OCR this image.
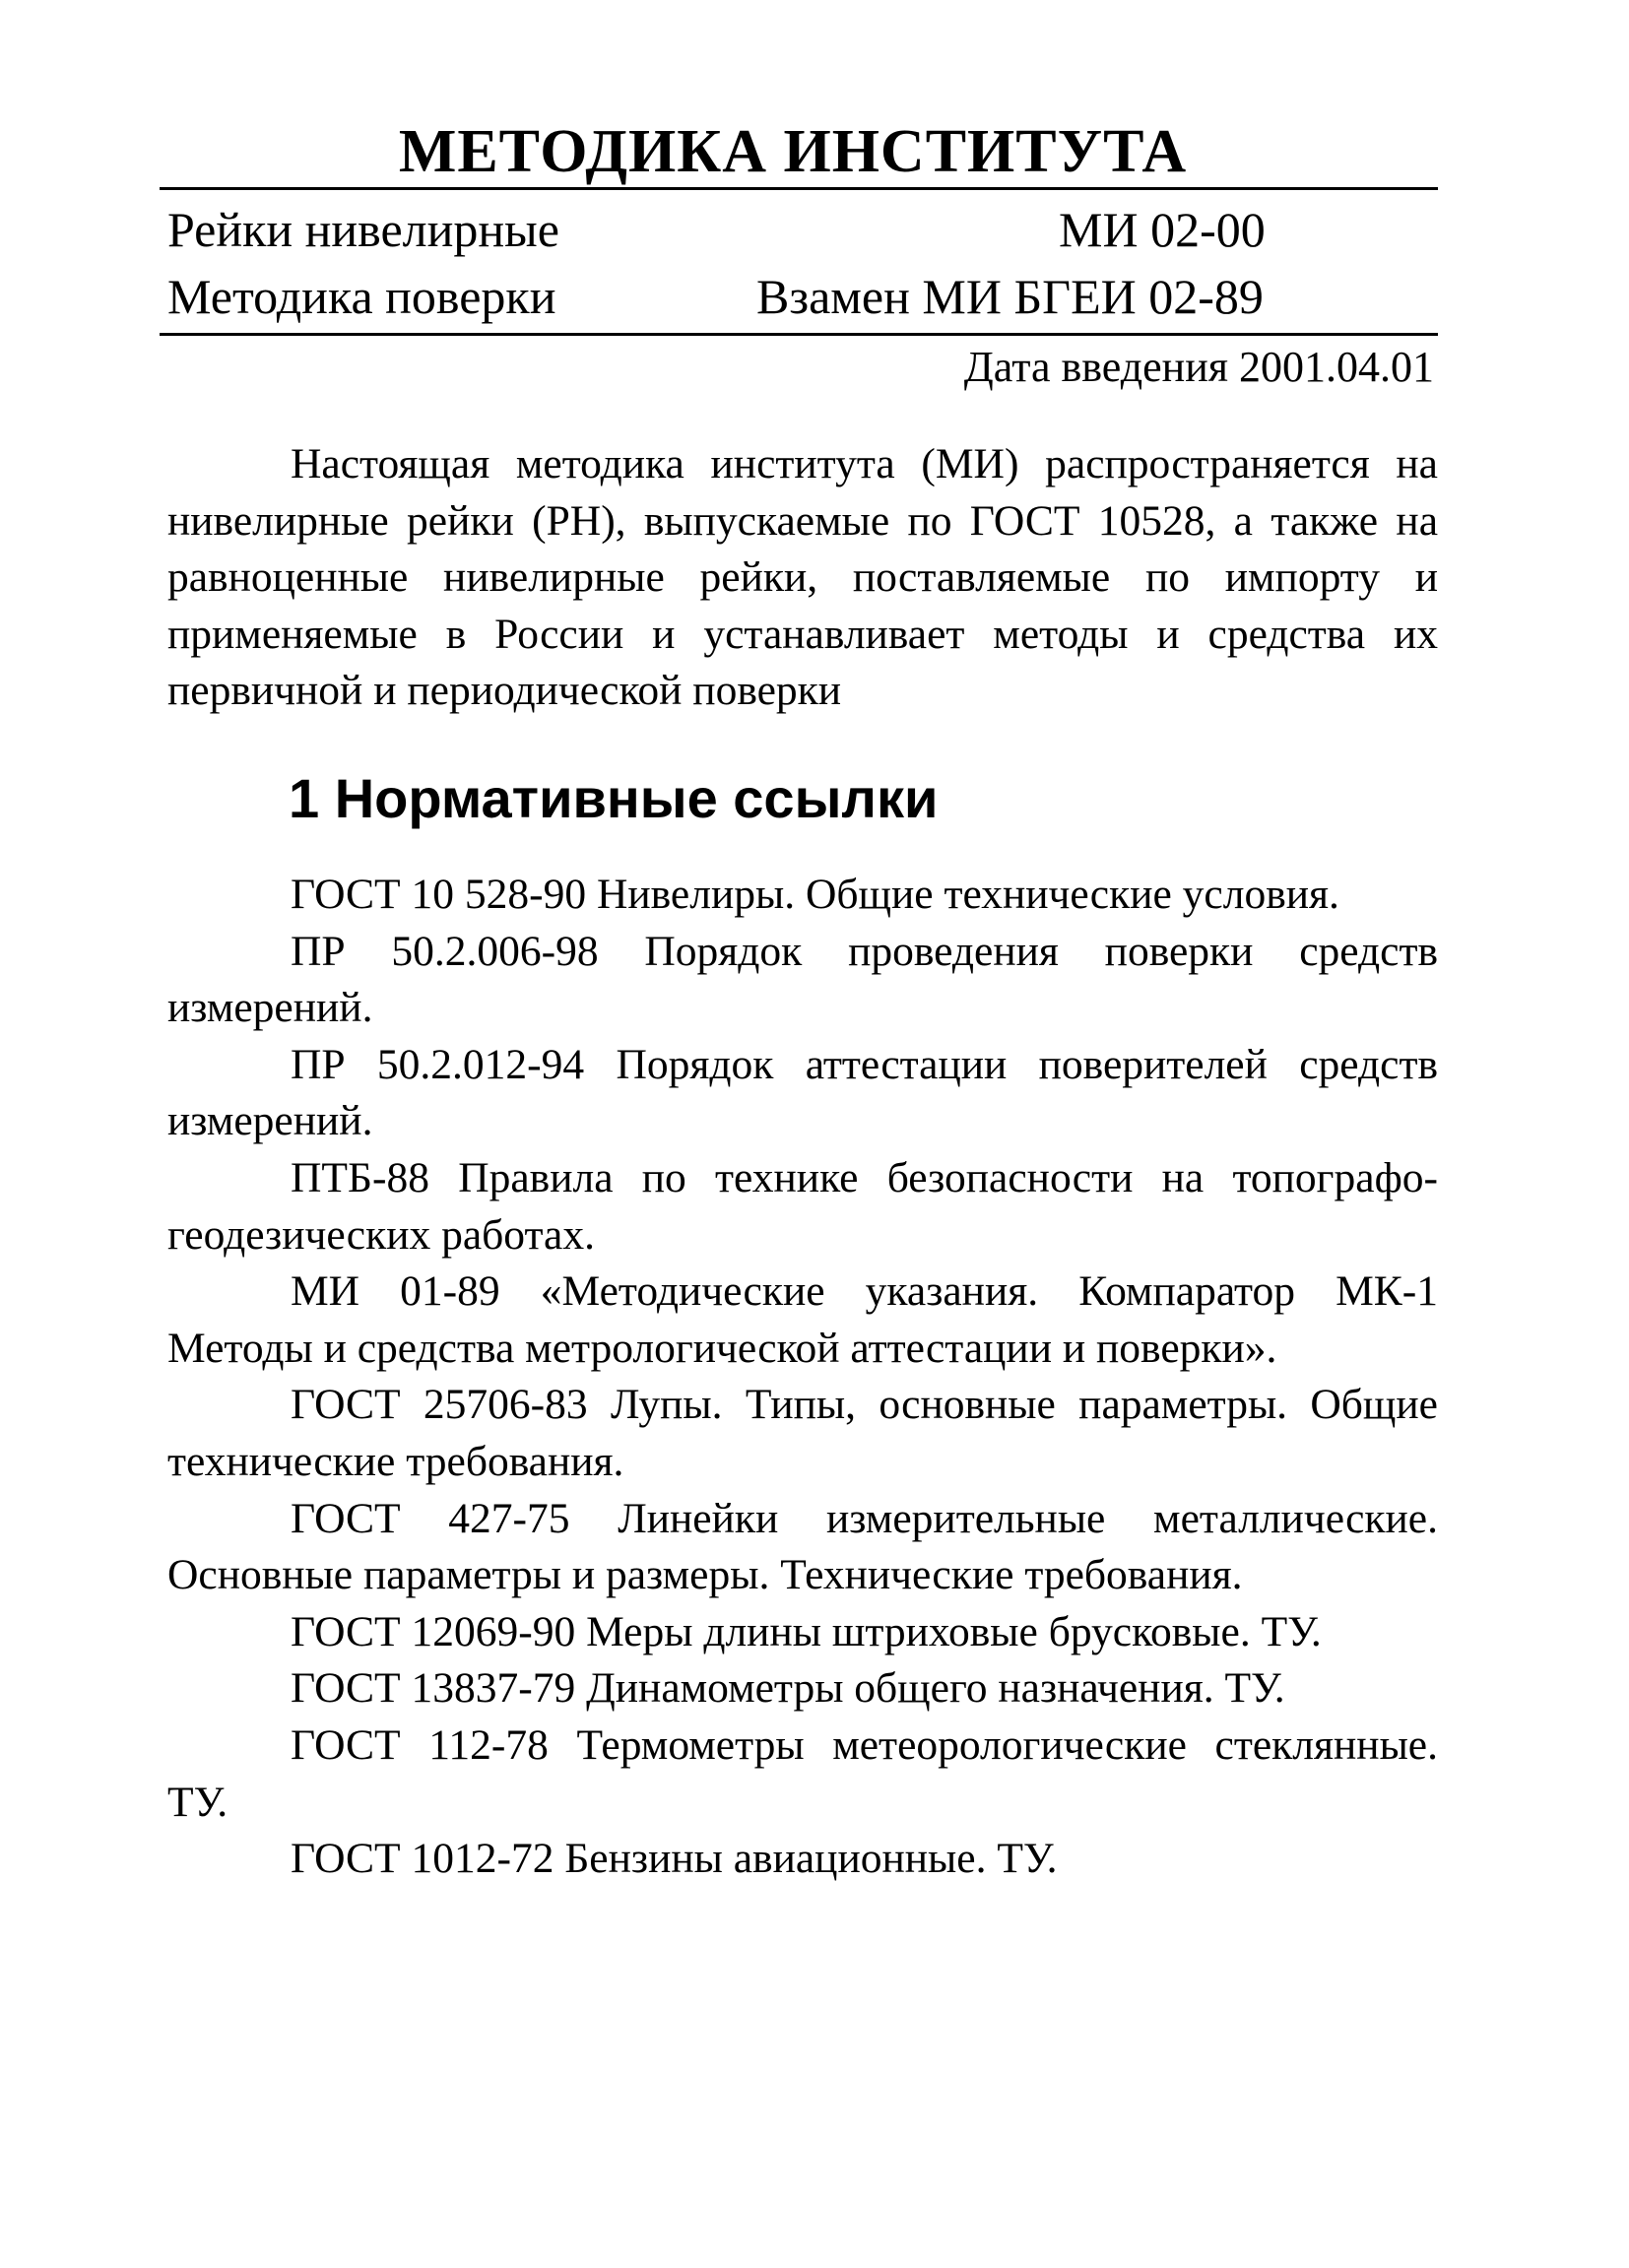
МЕТОДИКА ИНСТИТУТА
Рейки нивелирные	МИ 02-00
Методика поверки	Взамен МИ БГЕИ 02-89
Дата введения 2001.04.01

Настоящая методика института (МИ) распространяется на нивелирные рейки (РН), выпускаемые по ГОСТ 10528, а также на равноценные нивелирные рейки, поставляемые по импорту и применяемые в России и устанавливает методы и средства их первичной и периодической поверки

1 Нормативные ссылки

ГОСТ 10 528-90 Нивелиры. Общие технические условия.

ПР 50.2.006-98 Порядок проведения поверки средств измерений.

ПР 50.2.012-94 Порядок аттестации поверителей средств измерений.

ПТБ-88 Правила по технике безопасности на топографо-геодезических работах.

МИ 01-89 «Методические указания. Компаратор МК-1 Методы и средства метрологической аттестации и поверки».

ГОСТ 25706-83 Лупы. Типы, основные параметры. Общие технические требования.

ГОСТ 427-75 Линейки измерительные металлические. Основные параметры и размеры. Технические требования.

ГОСТ 12069-90 Меры длины штриховые брусковые. ТУ.

ГОСТ 13837-79 Динамометры общего назначения. ТУ.

ГОСТ 112-78 Термометры метеорологические стеклянные. ТУ.

ГОСТ 1012-72 Бензины авиационные. ТУ.
